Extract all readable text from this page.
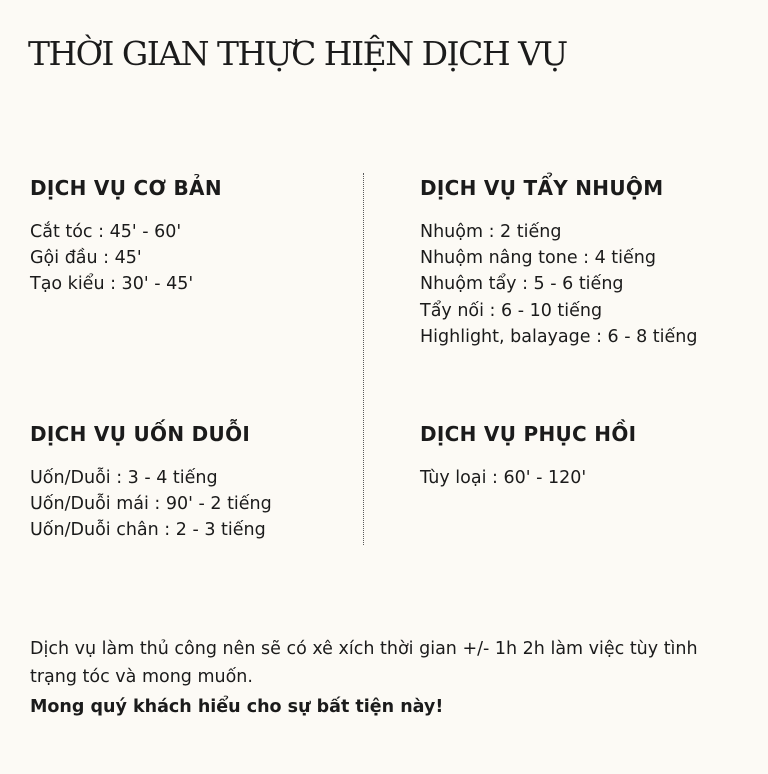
THỜI GIAN THỰC HIỆN DỊCH VỤ
DỊCH VỤ CƠ BẢN
Cắt tóc : 45' - 60'
Gội đầu : 45'
Tạo kiểu : 30' - 45'
DỊCH VỤ TẨY NHUỘM
Nhuộm : 2 tiếng
Nhuộm nâng tone : 4 tiếng
Nhuộm tẩy : 5 - 6 tiếng
Tẩy nối : 6 - 10 tiếng
Highlight, balayage : 6 - 8 tiếng
DỊCH VỤ UỐN DUỖI
Uốn/Duỗi : 3 - 4 tiếng
Uốn/Duỗi mái : 90' - 2 tiếng
Uốn/Duỗi chân : 2 - 3 tiếng
DỊCH VỤ PHỤC HỒI
Tùy loại : 60' - 120'

Dịch vụ làm thủ công nên sẽ có xê xích thời gian +/- 1h 2h làm việc tùy tình trạng tóc và mong muốn.

Mong quý khách hiểu cho sự bất tiện này!
